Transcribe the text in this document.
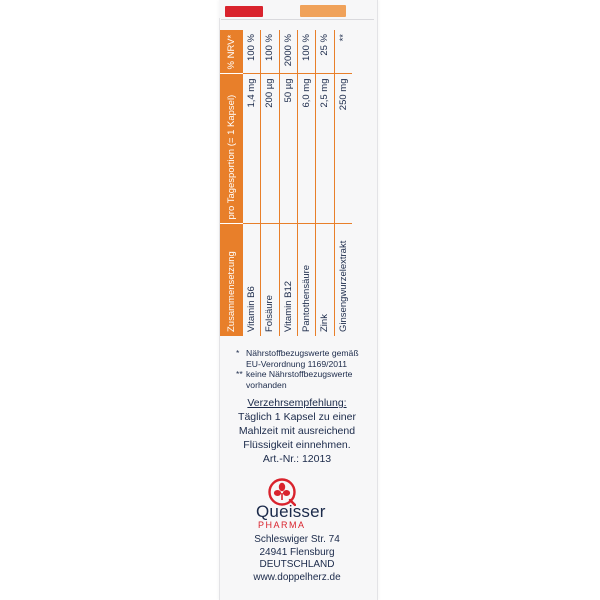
Zusammensetzung	pro Tagesportion (= 1 Kapsel)	% NRV*
Vitamin B6	1,4 mg	100 %
Folsäure	200 µg	100 %
Vitamin B12	50 µg	2000 %
Pantothensäure	6,0 mg	100 %
Zink	2,5 mg	25 %
Ginsengwurzelextrakt	250 mg	**
* Nährstoffbezugswerte gemäß EU-Verordnung 1169/2011
** keine Nährstoffbezugswerte vorhanden
Verzehrsempfehlung:
Täglich 1 Kapsel zu einer Mahlzeit mit ausreichend Flüssigkeit einnehmen.
Art.-Nr.: 12013
Queisser
PHARMA
Schleswiger Str. 74
24941 Flensburg
DEUTSCHLAND
www.doppelherz.de
